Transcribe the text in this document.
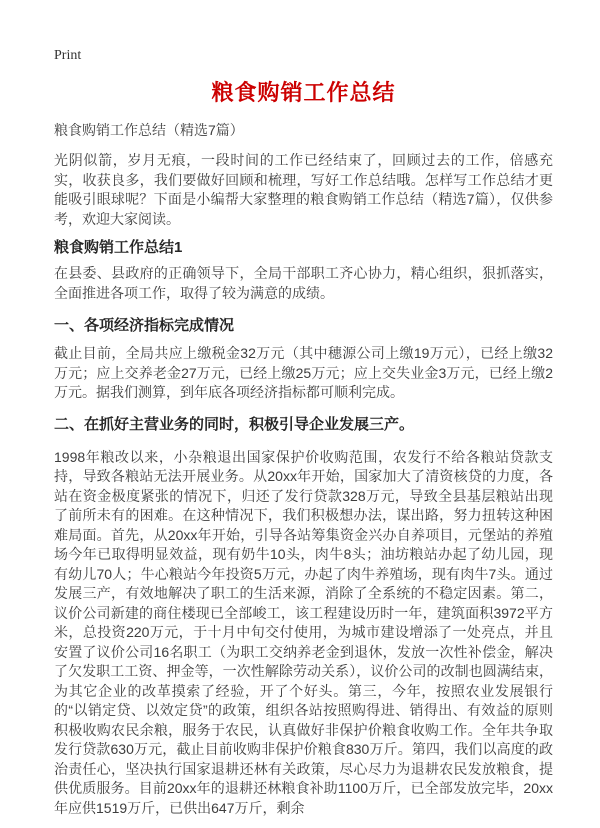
Print
粮食购销工作总结
粮食购销工作总结（精选7篇）

光阴似箭，岁月无痕，一段时间的工作已经结束了，回顾过去的工作，倍感充实，收获良多，我们要做好回顾和梳理，写好工作总结哦。怎样写工作总结才更能吸引眼球呢？下面是小编帮大家整理的粮食购销工作总结（精选7篇），仅供参考，欢迎大家阅读。

粮食购销工作总结1

在县委、县政府的正确领导下，全局干部职工齐心协力，精心组织，狠抓落实，全面推进各项工作，取得了较为满意的成绩。

一、各项经济指标完成情况

截止目前，全局共应上缴税金32万元（其中穗源公司上缴19万元），已经上缴32万元；应上交养老金27万元，已经上缴25万元；应上交失业金3万元，已经上缴2万元。据我们测算，到年底各项经济指标都可顺利完成。

二、在抓好主营业务的同时，积极引导企业发展三产。

1998年粮改以来，小杂粮退出国家保护价收购范围，农发行不给各粮站贷款支持，导致各粮站无法开展业务。从20xx年开始，国家加大了清资核贷的力度，各站在资金极度紧张的情况下，归还了发行贷款328万元，导致全县基层粮站出现了前所未有的困难。在这种情况下，我们积极想办法，谋出路，努力扭转这种困难局面。首先，从20xx年开始，引导各站筹集资金兴办自养项目，元堡站的养殖场今年已取得明显效益，现有奶牛10头，肉牛8头；油坊粮站办起了幼儿园，现有幼儿70人；牛心粮站今年投资5万元，办起了肉牛养殖场，现有肉牛7头。通过发展三产，有效地解决了职工的生活来源，消除了全系统的不稳定因素。第二，议价公司新建的商住楼现已全部峻工，该工程建设历时一年，建筑面积3972平方米，总投资220万元，于十月中旬交付使用，为城市建设增添了一处亮点，并且安置了议价公司16名职工（为职工交纳养老金到退休，发放一次性补偿金，解决了欠发职工工资、押金等，一次性解除劳动关系），议价公司的改制也圆满结束，为其它企业的改革摸索了经验，开了个好头。第三，今年，按照农业发展银行的“以销定贷、以效定贷”的政策，组织各站按照购得进、销得出、有效益的原则积极收购农民余粮，服务于农民，认真做好非保护价粮食收购工作。全年共争取发行贷款630万元，截止目前收购非保护价粮食830万斤。第四，我们以高度的政治责任心，坚决执行国家退耕还林有关政策，尽心尽力为退耕农民发放粮食，提供优质服务。目前20xx年的退耕还林粮食补助1100万斤，已全部发放完毕，20xx年应供1519万斤，已供出647万斤，剩余
